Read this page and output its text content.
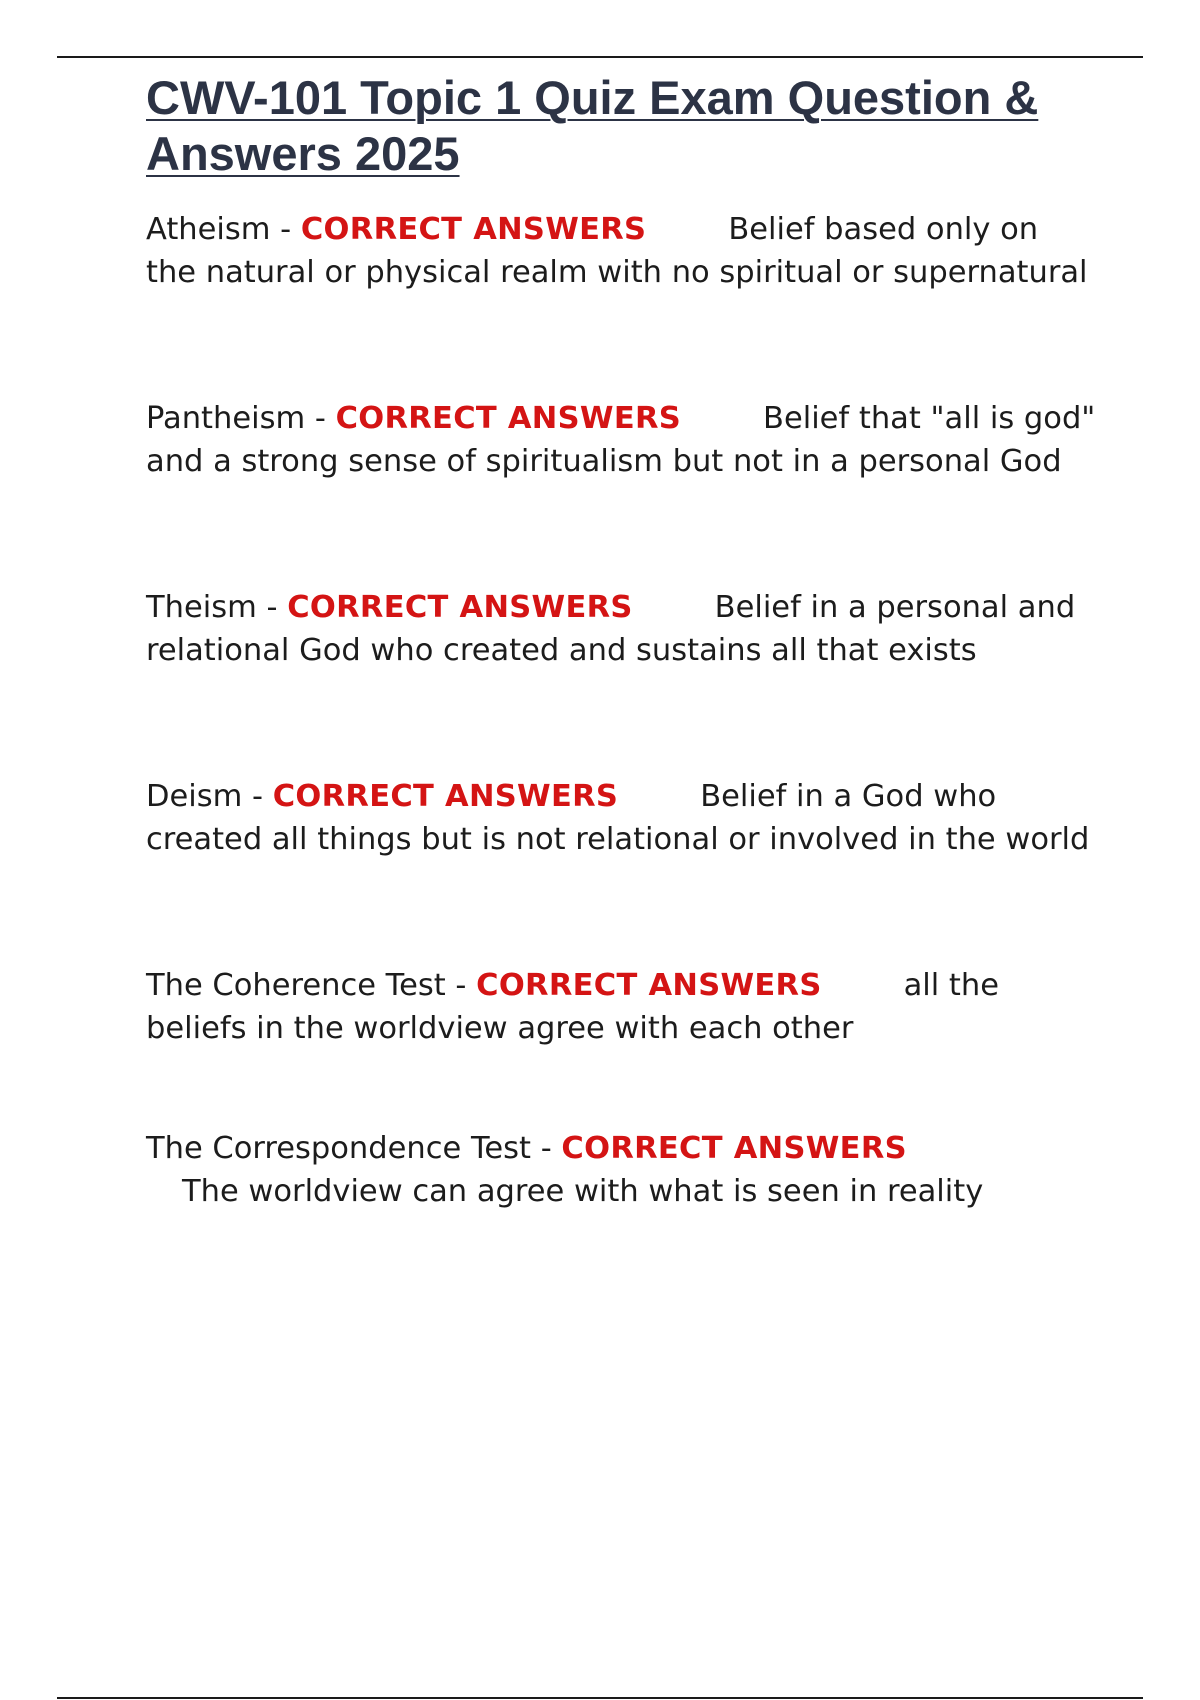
CWV-101 Topic 1 Quiz Exam Question & Answers 2025

Atheism - CORRECT ANSWERS	Belief based only on the natural or physical realm with no spiritual or supernatural

Pantheism - CORRECT ANSWERS	Belief that "all is god" and a strong sense of spiritualism but not in a personal God

Theism - CORRECT ANSWERS	Belief in a personal and relational God who created and sustains all that exists

Deism - CORRECT ANSWERS	Belief in a God who created all things but is not relational or involved in the world

The Coherence Test - CORRECT ANSWERS	all the beliefs in the worldview agree with each other

The Correspondence Test - CORRECT ANSWERS
The worldview can agree with what is seen in reality
